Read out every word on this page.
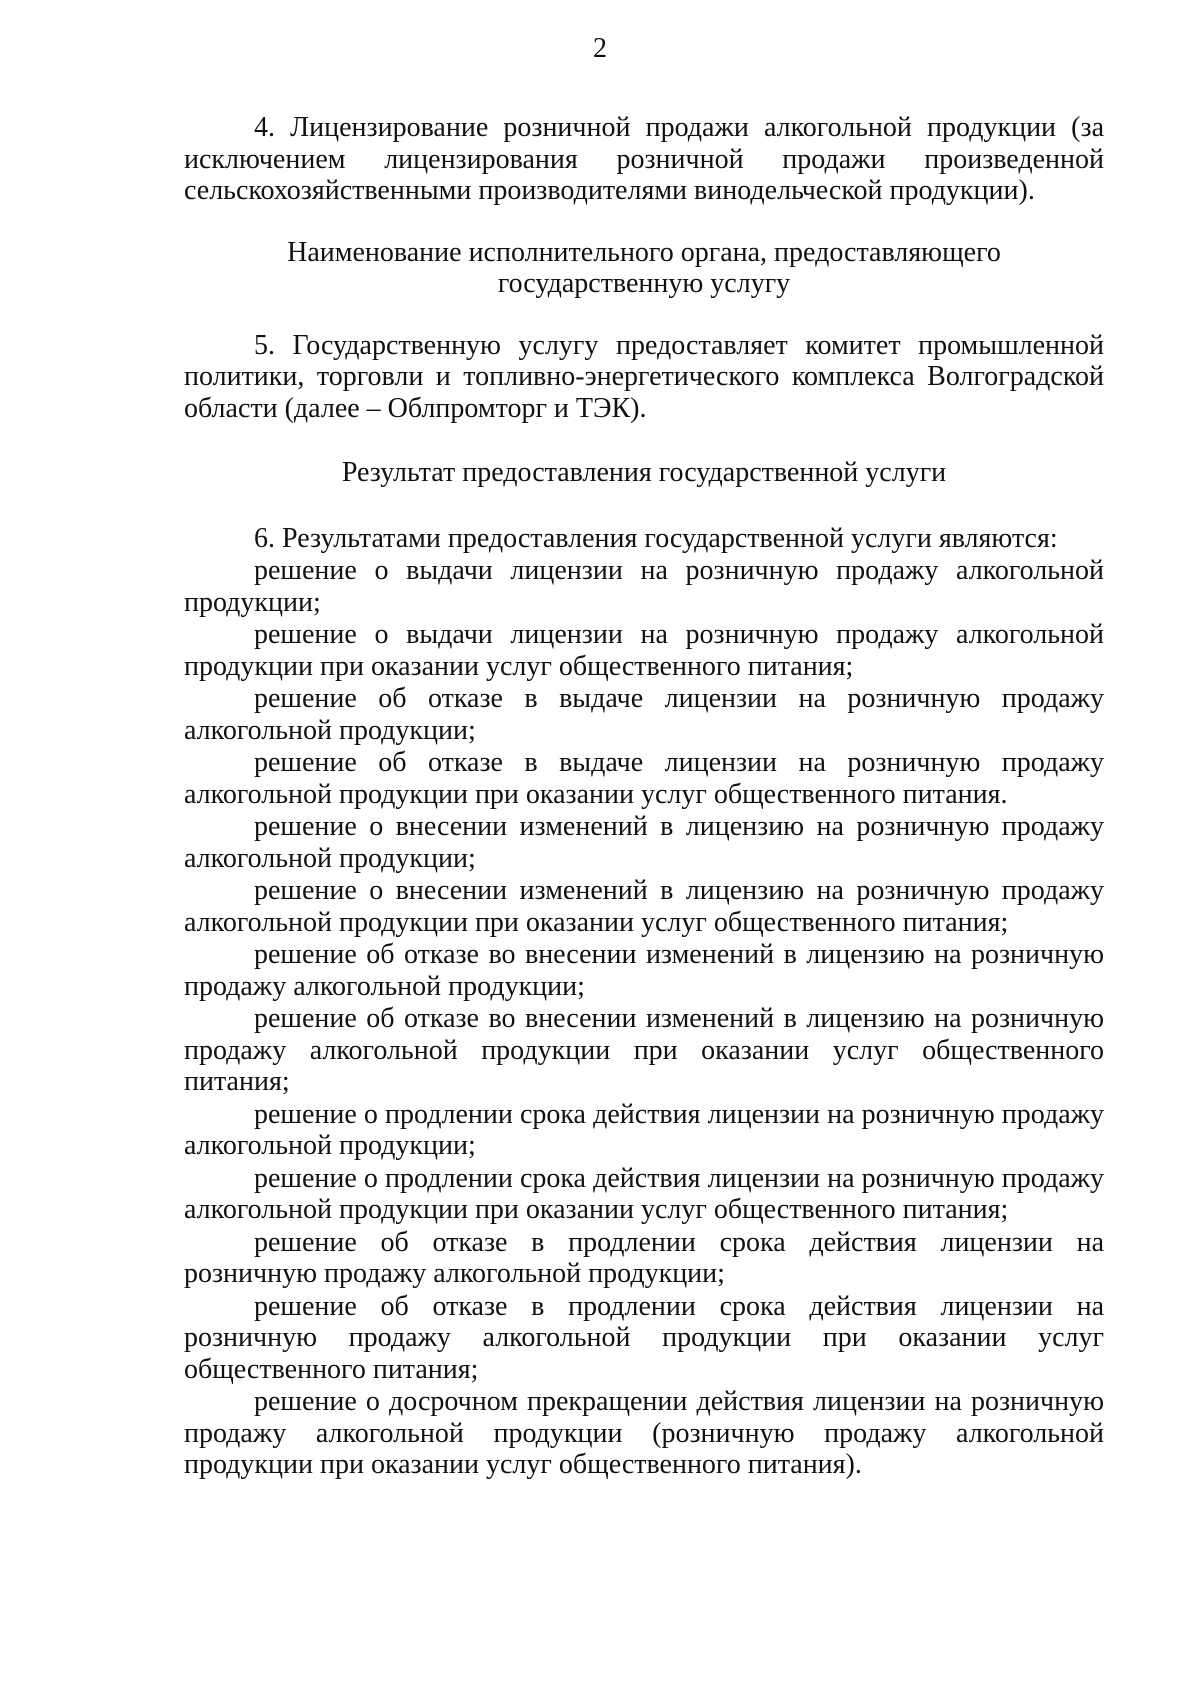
2

4. Лицензирование розничной продажи алкогольной продукции (за исключением лицензирования розничной продажи произведенной сельскохозяйственными производителями винодельческой продукции).

Наименование исполнительного органа, предоставляющего государственную услугу

5. Государственную услугу предоставляет комитет промышленной политики, торговли и топливно-энергетического комплекса Волгоградской области (далее – Облпромторг и ТЭК).

Результат предоставления государственной услуги

6. Результатами предоставления государственной услуги являются:

решение о выдачи лицензии на розничную продажу алкогольной продукции;

решение о выдачи лицензии на розничную продажу алкогольной продукции при оказании услуг общественного питания;

решение об отказе в выдаче лицензии на розничную продажу алкогольной продукции;

решение об отказе в выдаче лицензии на розничную продажу алкогольной продукции при оказании услуг общественного питания.

решение о внесении изменений в лицензию на розничную продажу алкогольной продукции;

решение о внесении изменений в лицензию на розничную продажу алкогольной продукции при оказании услуг общественного питания;

решение об отказе во внесении изменений в лицензию на розничную продажу алкогольной продукции;

решение об отказе во внесении изменений в лицензию на розничную продажу алкогольной продукции при оказании услуг общественного питания;

решение о продлении срока действия лицензии на розничную продажу алкогольной продукции;

решение о продлении срока действия лицензии на розничную продажу алкогольной продукции при оказании услуг общественного питания;

решение об отказе в продлении срока действия лицензии на розничную продажу алкогольной продукции;

решение об отказе в продлении срока действия лицензии на розничную продажу алкогольной продукции при оказании услуг общественного питания;

решение о досрочном прекращении действия лицензии на розничную продажу алкогольной продукции (розничную продажу алкогольной продукции при оказании услуг общественного питания).
